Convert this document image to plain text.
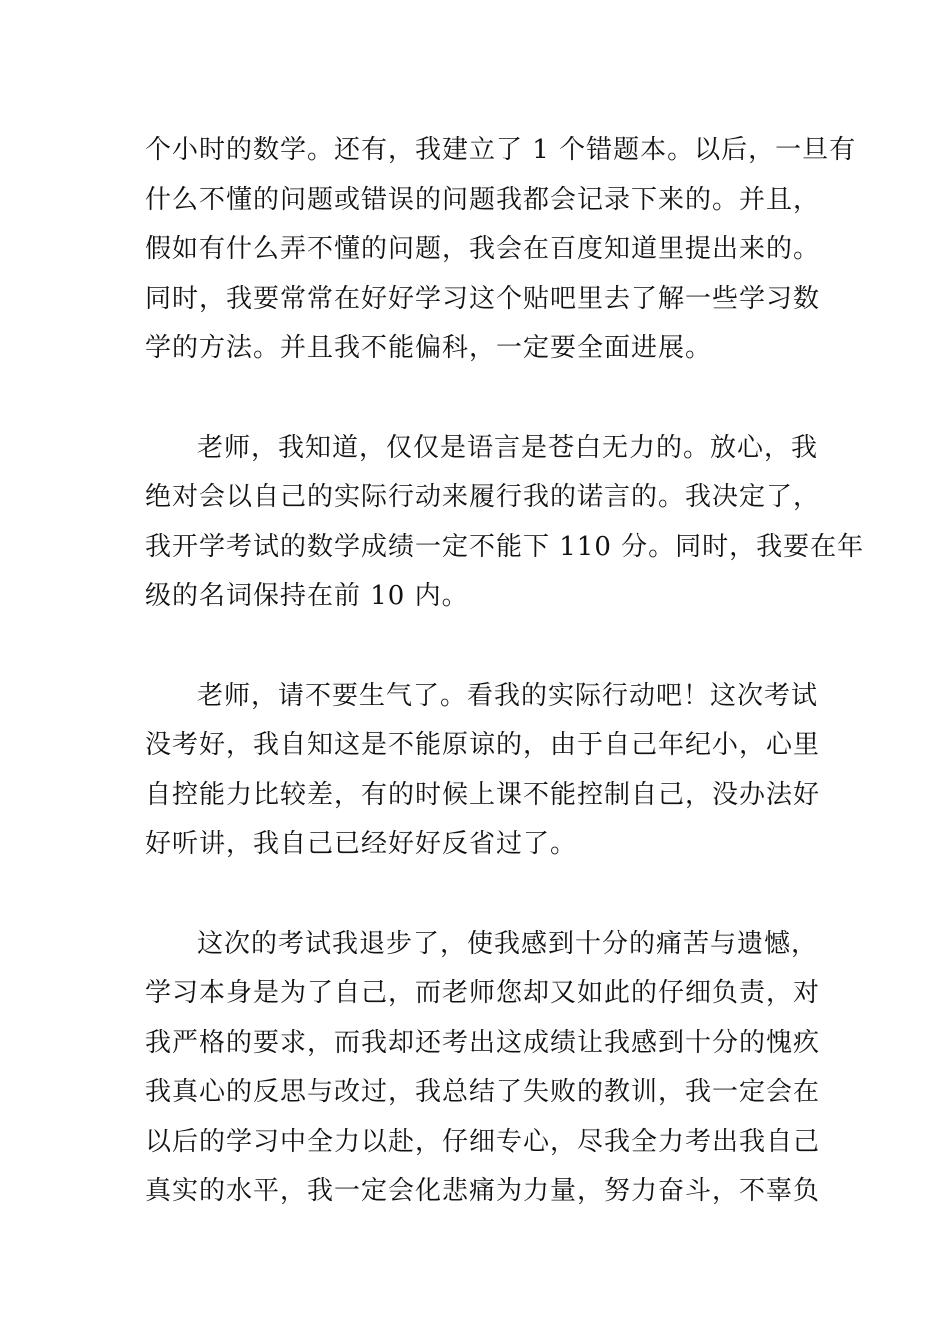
个小时的数学。还有，我建立了 1 个错题本。以后，一旦有
什么不懂的问题或错误的问题我都会记录下来的。并且，
假如有什么弄不懂的问题，我会在百度知道里提出来的。
同时，我要常常在好好学习这个贴吧里去了解一些学习数
学的方法。并且我不能偏科，一定要全面进展。
老师，我知道，仅仅是语言是苍白无力的。放心，我
绝对会以自己的实际行动来履行我的诺言的。我决定了，
我开学考试的数学成绩一定不能下 110 分。同时，我要在年
级的名词保持在前 10 内。
老师，请不要生气了。看我的实际行动吧！这次考试
没考好，我自知这是不能原谅的，由于自己年纪小，心里
自控能力比较差，有的时候上课不能控制自己，没办法好
好听讲，我自己已经好好反省过了。
这次的考试我退步了，使我感到十分的痛苦与遗憾，
学习本身是为了自己，而老师您却又如此的仔细负责，对
我严格的要求，而我却还考出这成绩让我感到十分的愧疚
我真心的反思与改过，我总结了失败的教训，我一定会在
以后的学习中全力以赴，仔细专心，尽我全力考出我自己
真实的水平，我一定会化悲痛为力量，努力奋斗，不辜负
